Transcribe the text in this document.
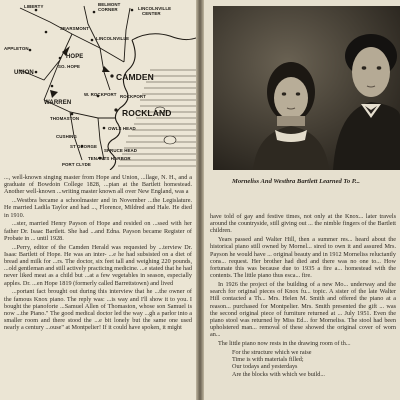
LIBERTY	BELMONT
CORNER
SEARSMONT
LINCOLNVILLE
CENTER
LINCOLNVILLE
APPLETON
HOPE
SO. HOPE
UNION	CAMDEN
W. ROCKPORT ROCKPORT
WARREN
ROCKLAND
THOMASTON
OWLS HEAD
CUSHING
ST GEORGE
SPRUCE HEAD
TENANTS HARBOR
PORT CLYDE

..., well-known singing master from Hope and Union, ...llage, N. H., and a graduate of Bowdoin College 1828, ...pian at the Bartlett homestead. Another well-known ...writing master known all over New England, was a

...Westbra became a schoolmaster and in November ...the Legislature. He married Ladila Taylor and had ..., Florence, Mildred and Hale. He died in 1910.

...ster, married Henry Payson of Hope and resided on ...ssed with her father Dr. Isaac Bartlett. She had ...and Edna. Payson became Register of Probate in ... until 1928.

...Perry, editor of the Camden Herald was requested by ...terview Dr. Isaac Bartlett of Hope. He was an inter- ...e he had subsisted on a diet of bread and milk for ...rs. The doctor, six feet tall and weighing 220 pounds, ...old gentleman and still actively practicing medicine. ...e stated that he had never liked meat as a child but ...at a few vegetables in season, especially apples. Dr. ...en Hope 1819 (formerly called Barrettstown) and lived

...portant fact brought out during this interview that he ...the owner of the famous Knox piano. The reply was: ...is way and I'll show it to you. I bought the pianoforte ...Samuel Allen of Thomaston, whose son Samuel is now ...the Piano." The good medical doctor led the way ...gh a parlor into a smaller room and there stood the ...e bit lonely but the same one used nearly a century ...ouse" at Montpelier! If it could have spoken, it might

Morneliss And Westbra Bartlett Learned To P...

have told of gay and festive times, not only at the Knox... later travels around the countryside, still giving out ... the nimble fingers of the Bartlett children.

Years passed and Walter Hill, then a summer res... heard about the historical piano still owned by Mornel... sired to own it and assured Mrs. Payson he would have ... original beauty and in 1912 Morneliss reluctantly cons... request. Her brother had died and there was no one to... How fortunate this was because due to 1935 a fire a... homestead with the contents. The little piano thus esca... fire.

In 1926 the project of the building of a new Mo... underway and the search for original pieces of Knox fu... topic. A sister of the late Walter Hill contacted a Th... Mrs. Helen M. Smith and offered the piano at a reason... purchased for Montpelier. Mrs. Smith presented the gift ... was the second original piece of furniture returned at ... July 1951. Even the piano stool was returned by Miss Ed... for Morneliss. The stool had been upholstered man... removal of these showed the original cover of worn an...

The little piano now rests in the drawing room of th...

For the structure which we raise
Time is with materials filled;
Our todays and yesterdays
Are the blocks with which we build...
